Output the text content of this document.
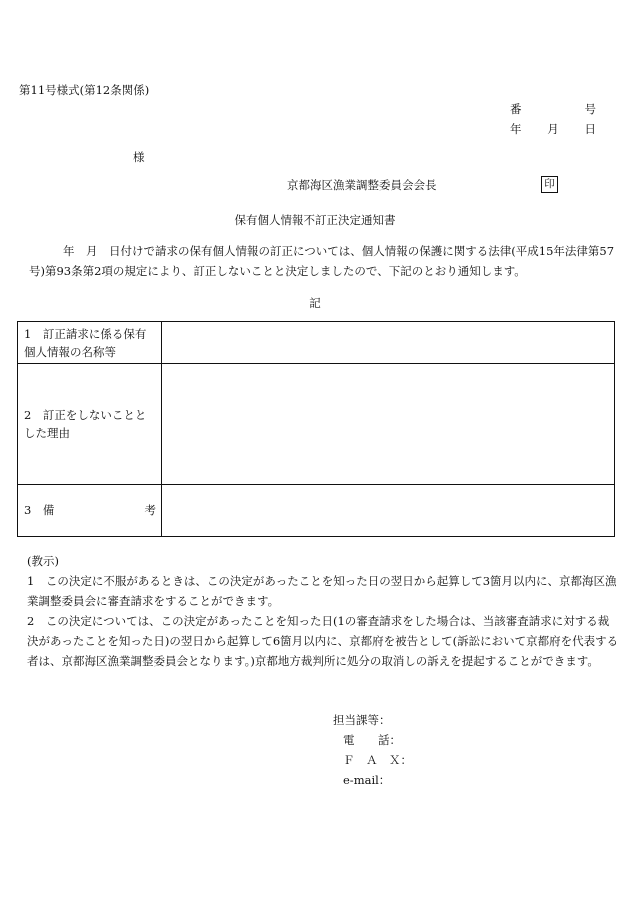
第11号様式(第12条関係)
番	号
年 月 日
様
京都海区漁業調整委員会会長	印
保有個人情報不訂正決定通知書
年　月　日付けで請求の保有個人情報の訂正については、個人情報の保護に関する法律(平成15年法律第57号)第93条第2項の規定により、訂正しないことと決定しましたので、下記のとおり通知します。
記
1　訂正請求に係る保有個人情報の名称等	

2　訂正をしないこととした理由	

3　備 考	

(教示)
1　この決定に不服があるときは、この決定があったことを知った日の翌日から起算して3箇月以内に、京都海区漁業調整委員会に審査請求をすることができます。
2　この決定については、この決定があったことを知った日(1の審査請求をした場合は、当該審査請求に対する裁決があったことを知った日)の翌日から起算して6箇月以内に、京都府を被告として(訴訟において京都府を代表する者は、京都海区漁業調整委員会となります。)京都地方裁判所に処分の取消しの訴えを提起することができます。
担当課等：
電 話：
Ｆ　Ａ　Ｘ：
e-mail：
